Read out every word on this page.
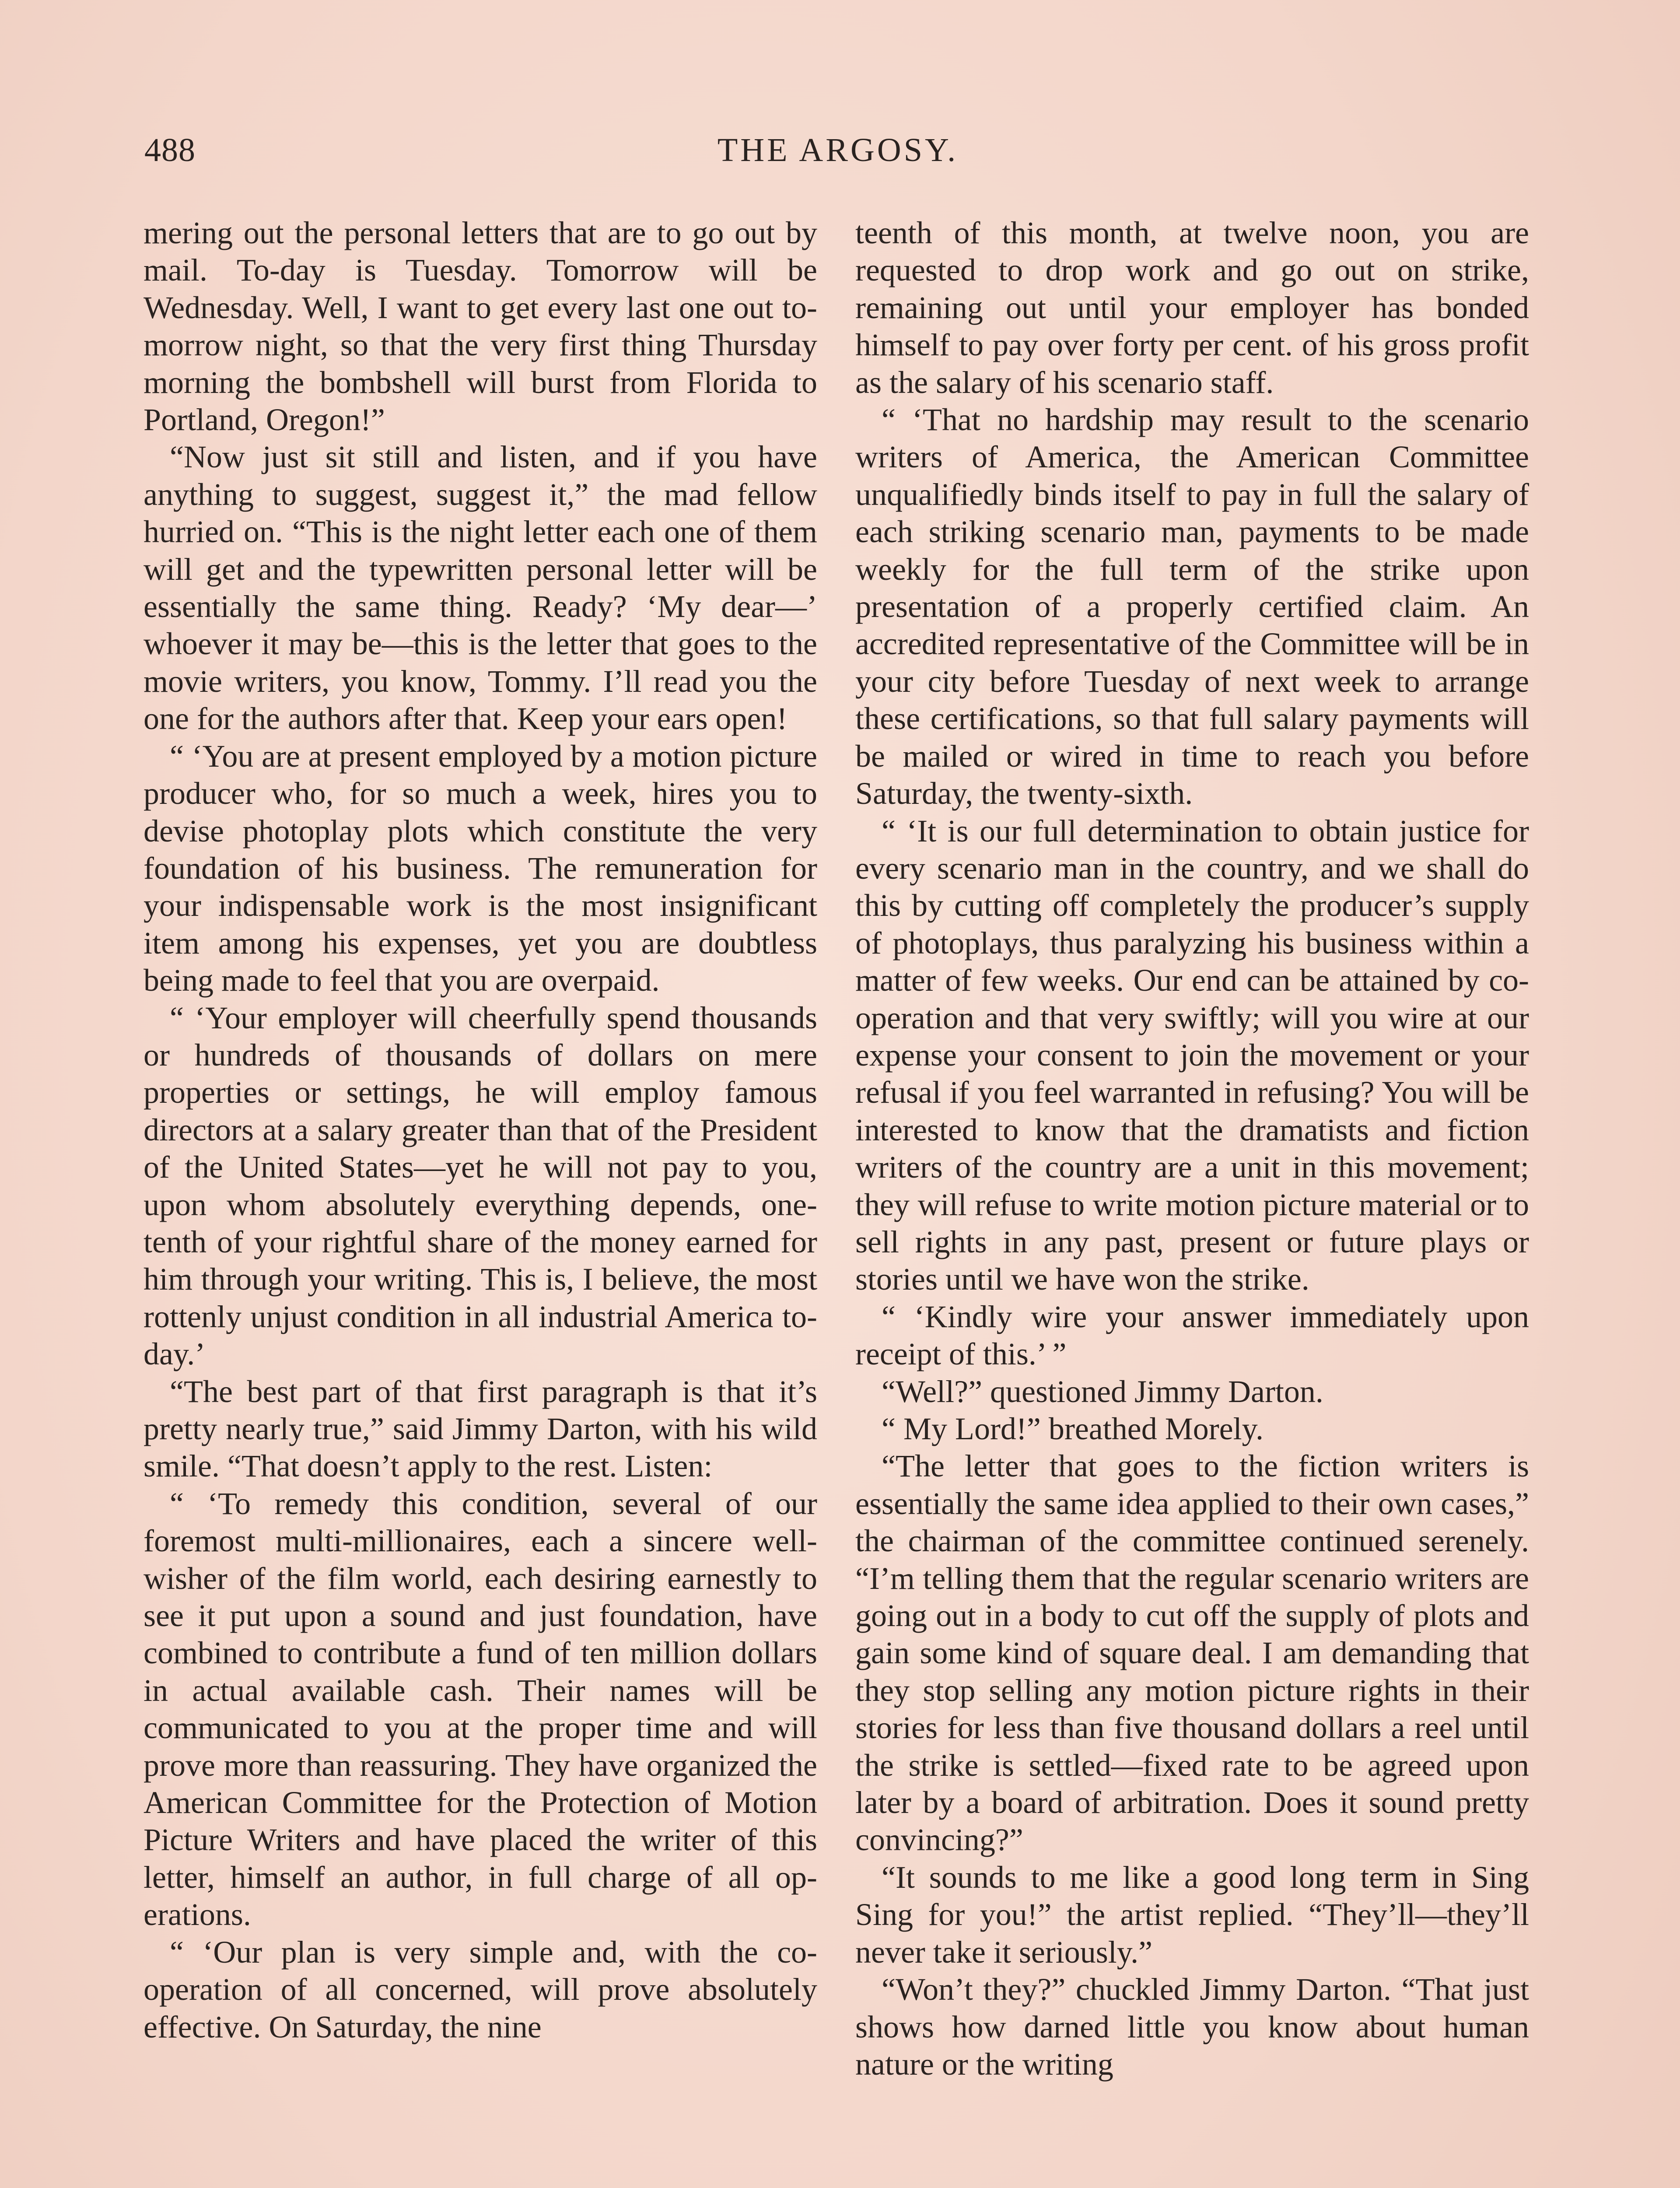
488	THE ARGOSY.

mering out the personal letters that are to go out by mail. To-day is Tuesday. Tomorrow will be Wednesday. Well, I want to get every last one out to-morrow night, so that the very first thing Thursday morning the bombshell will burst from Florida to Portland, Oregon!”

“Now just sit still and listen, and if you have anything to suggest, suggest it,” the mad fellow hurried on. “This is the night letter each one of them will get and the typewritten personal letter will be essentially the same thing. Ready? ‘My dear—’ whoever it may be—this is the letter that goes to the movie writers, you know, Tommy. I’ll read you the one for the authors after that. Keep your ears open!

“ ‘You are at present employed by a motion picture producer who, for so much a week, hires you to devise photoplay plots which constitute the very foundation of his business. The remuneration for your indispensable work is the most insignificant item among his expenses, yet you are doubtless being made to feel that you are overpaid.

“ ‘Your employer will cheerfully spend thousands or hundreds of thousands of dollars on mere properties or settings, he will employ famous directors at a salary greater than that of the President of the United States—yet he will not pay to you, upon whom absolutely everything depends, one-tenth of your rightful share of the money earned for him through your writing. This is, I believe, the most rottenly unjust condition in all industrial America to-day.’

“The best part of that first paragraph is that it’s pretty nearly true,” said Jimmy Darton, with his wild smile. “That doesn’t apply to the rest. Listen:

“ ‘To remedy this condition, several of our foremost multi-millionaires, each a sincere well-wisher of the film world, each desiring earnestly to see it put upon a sound and just foundation, have combined to contribute a fund of ten million dollars in actual available cash. Their names will be communicated to you at the proper time and will prove more than reassuring. They have organized the American Committee for the Protection of Motion Picture Writers and have placed the writer of this letter, himself an author, in full charge of all operations.

“ ‘Our plan is very simple and, with the co-operation of all concerned, will prove absolutely effective. On Saturday, the nine

teenth of this month, at twelve noon, you are requested to drop work and go out on strike, remaining out until your employer has bonded himself to pay over forty per cent. of his gross profit as the salary of his scenario staff.

“ ‘That no hardship may result to the scenario writers of America, the American Committee unqualifiedly binds itself to pay in full the salary of each striking scenario man, payments to be made weekly for the full term of the strike upon presentation of a properly certified claim. An accredited representative of the Committee will be in your city before Tuesday of next week to arrange these certifications, so that full salary payments will be mailed or wired in time to reach you before Saturday, the twenty-sixth.

“ ‘It is our full determination to obtain justice for every scenario man in the country, and we shall do this by cutting off completely the producer’s supply of photoplays, thus paralyzing his business within a matter of few weeks. Our end can be attained by co-operation and that very swiftly; will you wire at our expense your consent to join the movement or your refusal if you feel warranted in refusing? You will be interested to know that the dramatists and fiction writers of the country are a unit in this movement; they will refuse to write motion picture material or to sell rights in any past, present or future plays or stories until we have won the strike.

“ ‘Kindly wire your answer immediately upon receipt of this.’ ”

“Well?” questioned Jimmy Darton.

“ My Lord!” breathed Morely.

“The letter that goes to the fiction writers is essentially the same idea applied to their own cases,” the chairman of the committee continued serenely. “I’m telling them that the regular scenario writers are going out in a body to cut off the supply of plots and gain some kind of square deal. I am demanding that they stop selling any motion picture rights in their stories for less than five thousand dollars a reel until the strike is settled—fixed rate to be agreed upon later by a board of arbitration. Does it sound pretty convincing?”

“It sounds to me like a good long term in Sing Sing for you!” the artist replied. “They’ll—they’ll never take it seriously.”

“Won’t they?” chuckled Jimmy Darton. “That just shows how darned little you know about human nature or the writing
